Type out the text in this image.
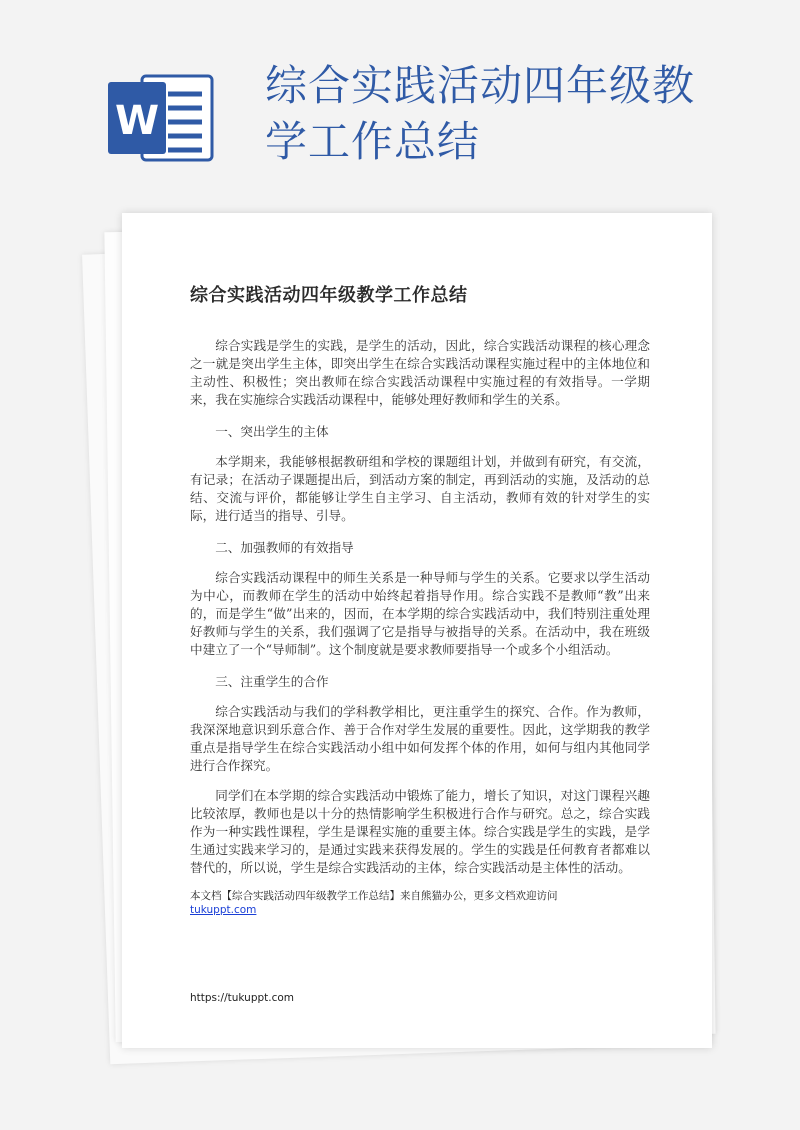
W
综合实践活动四年级教学工作总结
综合实践活动四年级教学工作总结

综合实践是学生的实践，是学生的活动，因此，综合实践活动课程的核心理念之一就是突出学生主体，即突出学生在综合实践活动课程实施过程中的主体地位和主动性、积极性；突出教师在综合实践活动课程中实施过程的有效指导。一学期来，我在实施综合实践活动课程中，能够处理好教师和学生的关系。

一、突出学生的主体

本学期来，我能够根据教研组和学校的课题组计划，并做到有研究，有交流，有记录；在活动子课题提出后，到活动方案的制定，再到活动的实施，及活动的总结、交流与评价，都能够让学生自主学习、自主活动，教师有效的针对学生的实际，进行适当的指导、引导。

二、加强教师的有效指导

综合实践活动课程中的师生关系是一种导师与学生的关系。它要求以学生活动为中心，而教师在学生的活动中始终起着指导作用。综合实践不是教师“教”出来的，而是学生“做”出来的，因而，在本学期的综合实践活动中，我们特别注重处理好教师与学生的关系，我们强调了它是指导与被指导的关系。在活动中，我在班级中建立了一个“导师制”。这个制度就是要求教师要指导一个或多个小组活动。

三、注重学生的合作

综合实践活动与我们的学科教学相比，更注重学生的探究、合作。作为教师，我深深地意识到乐意合作、善于合作对学生发展的重要性。因此，这学期我的教学重点是指导学生在综合实践活动小组中如何发挥个体的作用，如何与组内其他同学进行合作探究。

同学们在本学期的综合实践活动中锻炼了能力，增长了知识，对这门课程兴趣比较浓厚，教师也是以十分的热情影响学生积极进行合作与研究。总之，综合实践作为一种实践性课程，学生是课程实施的重要主体。综合实践是学生的实践，是学生通过实践来学习的，是通过实践来获得发展的。学生的实践是任何教育者都难以替代的，所以说，学生是综合实践活动的主体，综合实践活动是主体性的活动。

本文档【综合实践活动四年级教学工作总结】来自熊猫办公，更多文档欢迎访问
tukuppt.com
https://tukuppt.com
